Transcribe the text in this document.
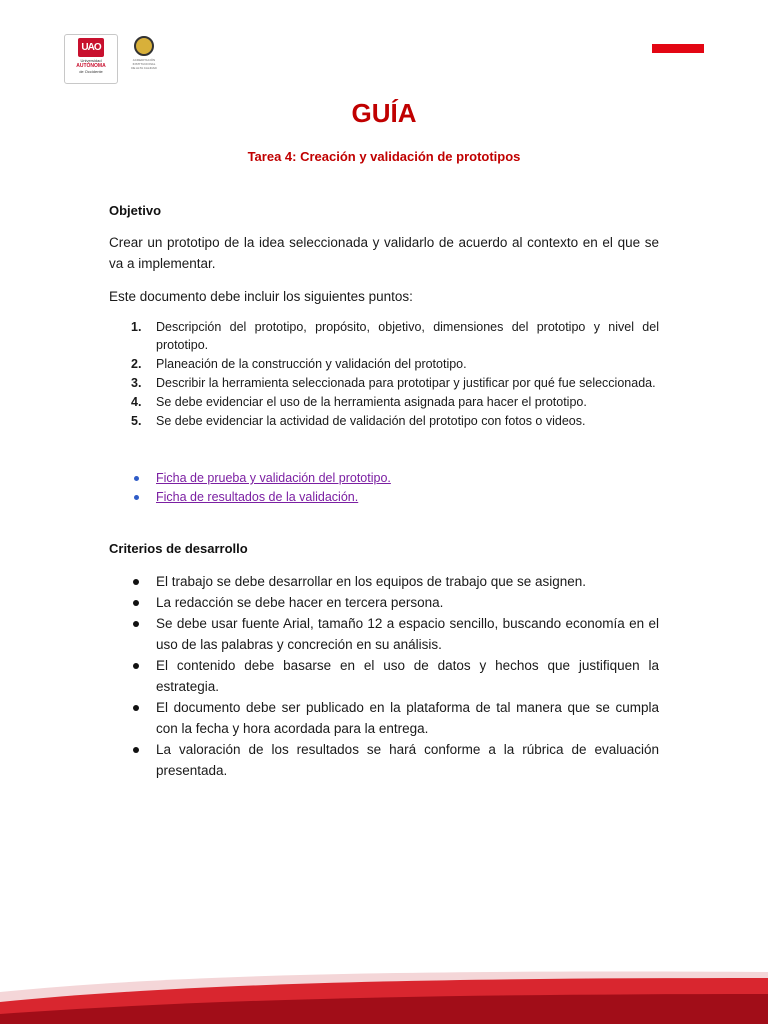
UAO
Universidad
AUTÓNOMA
de Occidente
ACREDITACIÓN
INSTITUCIONAL
DE ALTA CALIDAD
GUÍA
Tarea 4: Creación y validación de prototipos
Objetivo

Crear un prototipo de la idea seleccionada y validarlo de acuerdo al contexto en el que se va a implementar.

Este documento debe incluir los siguientes puntos:

1. Descripción del prototipo, propósito, objetivo, dimensiones del prototipo y nivel del prototipo.
2. Planeación de la construcción y validación del prototipo.
3. Describir la herramienta seleccionada para prototipar y justificar por qué fue seleccionada.
4. Se debe evidenciar el uso de la herramienta asignada para hacer el prototipo.
5. Se debe evidenciar la actividad de validación del prototipo con fotos o videos.
Ficha de prueba y validación del prototipo.
Ficha de resultados de la validación.
Criterios de desarrollo
El trabajo se debe desarrollar en los equipos de trabajo que se asignen.
La redacción se debe hacer en tercera persona.
Se debe usar fuente Arial, tamaño 12 a espacio sencillo, buscando economía en el uso de las palabras y concreción en su análisis.
El contenido debe basarse en el uso de datos y hechos que justifiquen la estrategia.
El documento debe ser publicado en la plataforma de tal manera que se cumpla con la fecha y hora acordada para la entrega.
La valoración de los resultados se hará conforme a la rúbrica de evaluación presentada.
